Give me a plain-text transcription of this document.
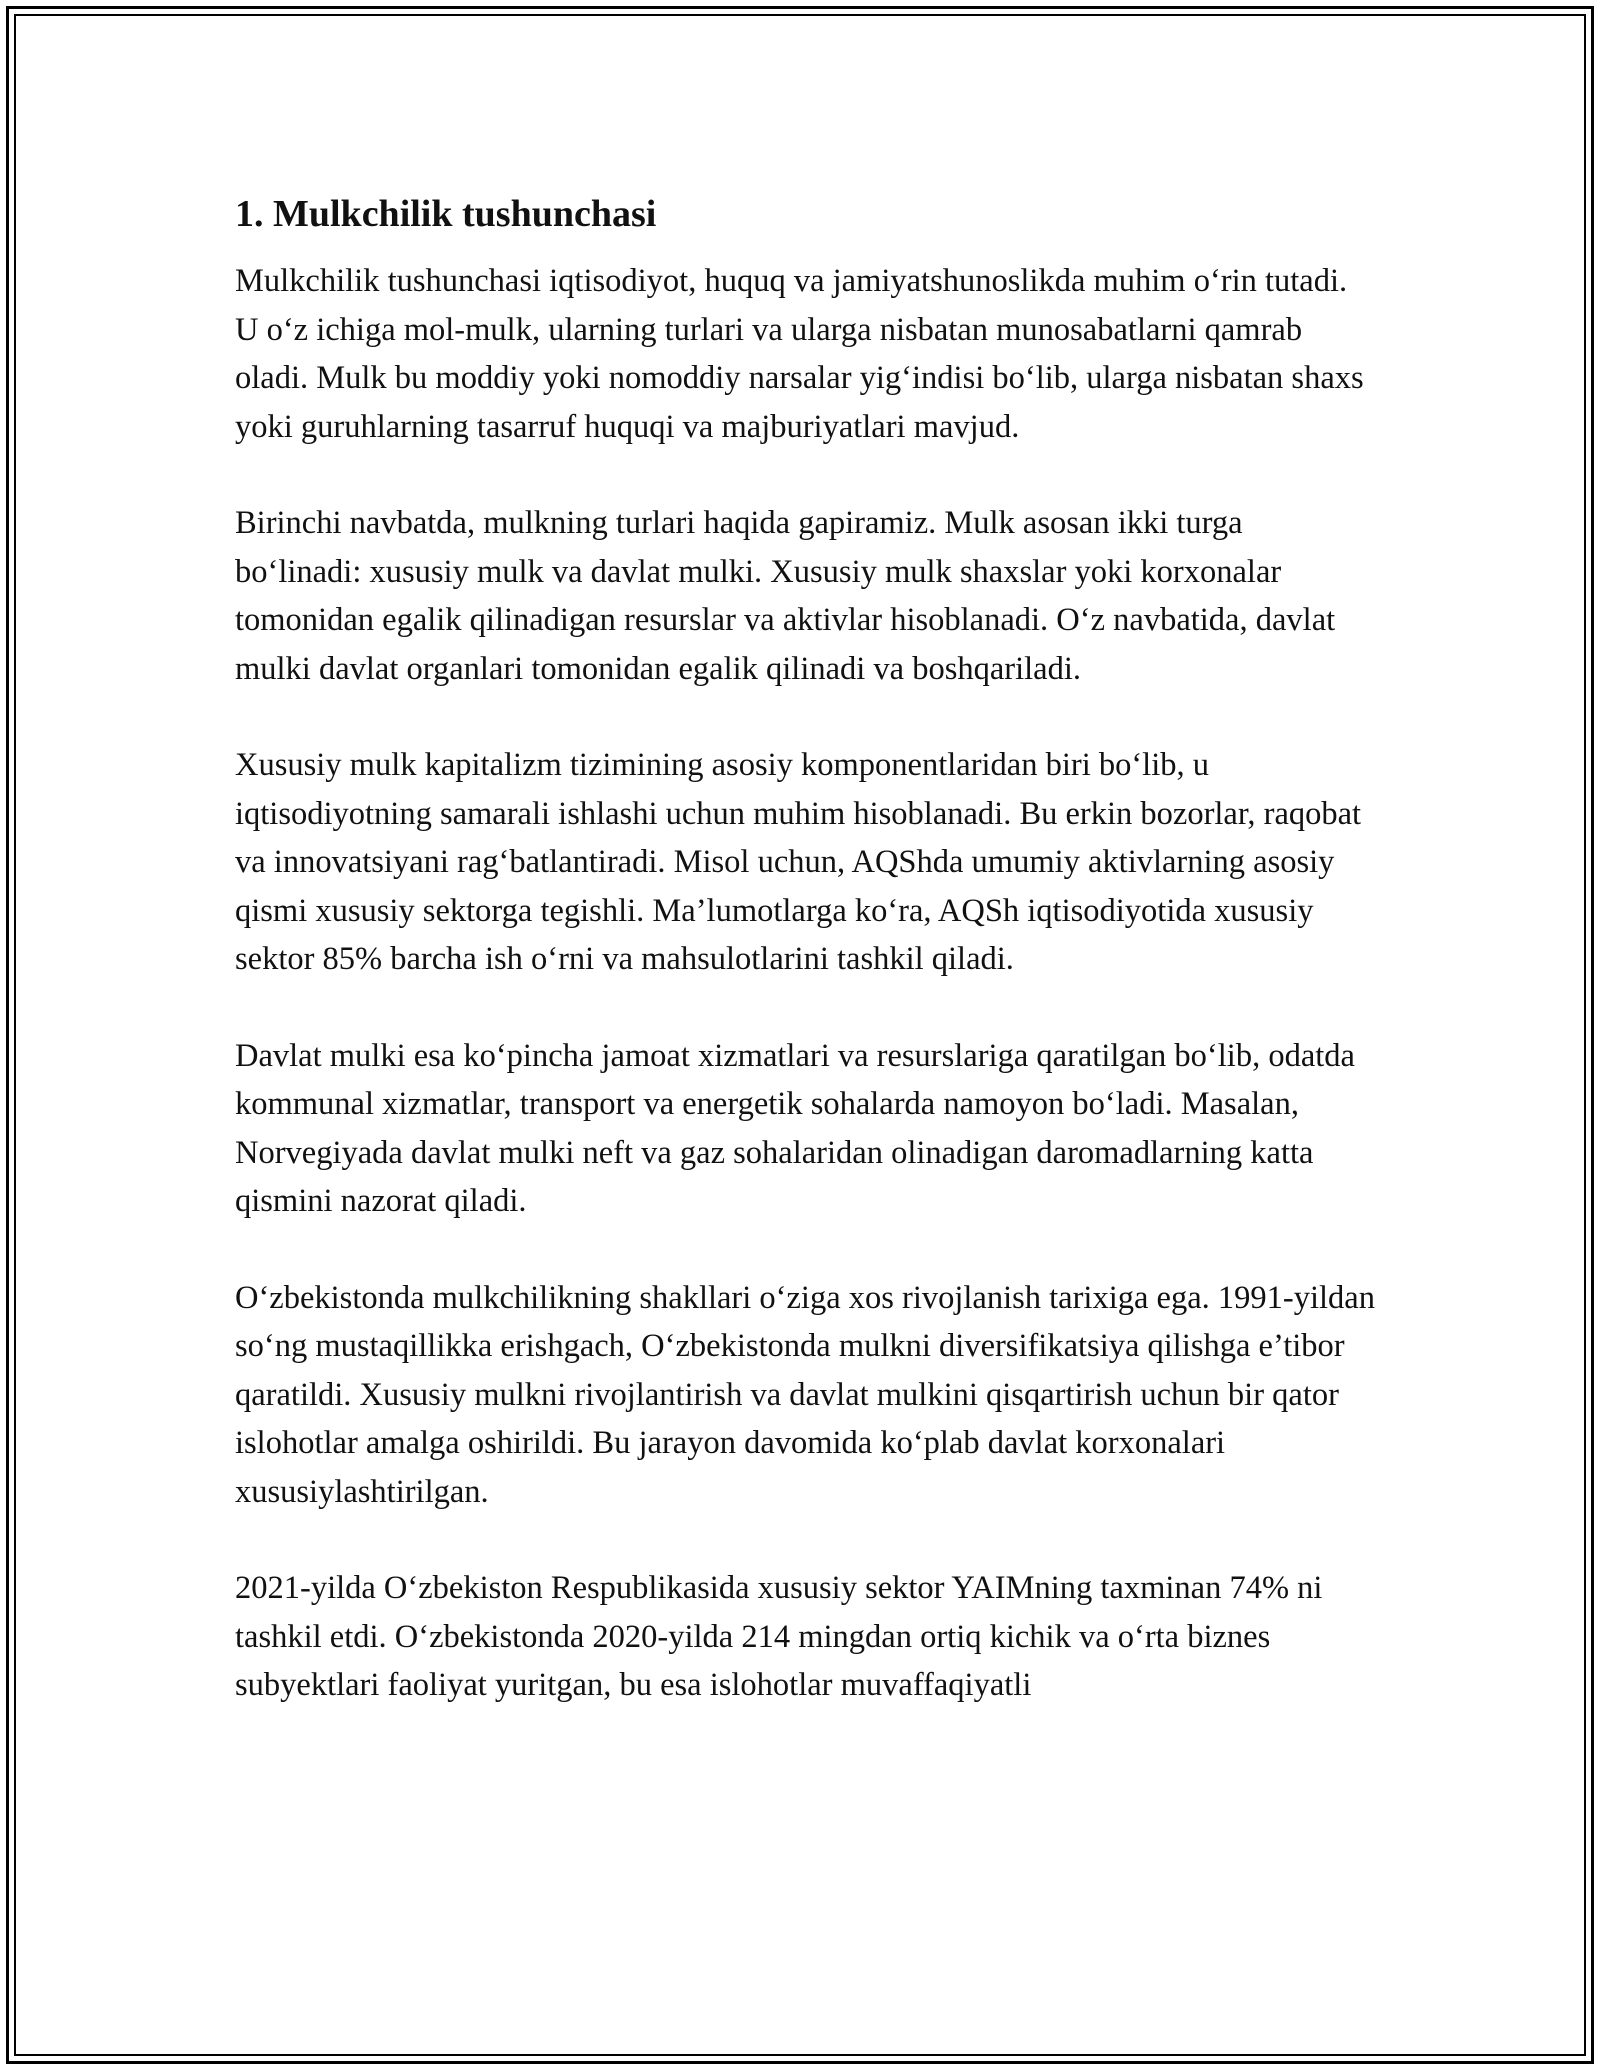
1. Mulkchilik tushunchasi

Mulkchilik tushunchasi iqtisodiyot, huquq va jamiyatshunoslikda muhim o‘rin tutadi. U o‘z ichiga mol-mulk, ularning turlari va ularga nisbatan munosabatlarni qamrab oladi. Mulk bu moddiy yoki nomoddiy narsalar yig‘indisi bo‘lib, ularga nisbatan shaxs yoki guruhlarning tasarruf huquqi va majburiyatlari mavjud.

Birinchi navbatda, mulkning turlari haqida gapiramiz. Mulk asosan ikki turga bo‘linadi: xususiy mulk va davlat mulki. Xususiy mulk shaxslar yoki korxonalar tomonidan egalik qilinadigan resurslar va aktivlar hisoblanadi. O‘z navbatida, davlat mulki davlat organlari tomonidan egalik qilinadi va boshqariladi.

Xususiy mulk kapitalizm tizimining asosiy komponentlaridan biri bo‘lib, u iqtisodiyotning samarali ishlashi uchun muhim hisoblanadi. Bu erkin bozorlar, raqobat va innovatsiyani rag‘batlantiradi. Misol uchun, AQShda umumiy aktivlarning asosiy qismi xususiy sektorga tegishli. Ma’lumotlarga ko‘ra, AQSh iqtisodiyotida xususiy sektor 85% barcha ish o‘rni va mahsulotlarini tashkil qiladi.

Davlat mulki esa ko‘pincha jamoat xizmatlari va resurslariga qaratilgan bo‘lib, odatda kommunal xizmatlar, transport va energetik sohalarda namoyon bo‘ladi. Masalan, Norvegiyada davlat mulki neft va gaz sohalaridan olinadigan daromadlarning katta qismini nazorat qiladi.

O‘zbekistonda mulkchilikning shakllari o‘ziga xos rivojlanish tarixiga ega. 1991-yildan so‘ng mustaqillikka erishgach, O‘zbekistonda mulkni diversifikatsiya qilishga e’tibor qaratildi. Xususiy mulkni rivojlantirish va davlat mulkini qisqartirish uchun bir qator islohotlar amalga oshirildi. Bu jarayon davomida ko‘plab davlat korxonalari xususiylashtirilgan.

2021-yilda O‘zbekiston Respublikasida xususiy sektor YAIMning taxminan 74% ni tashkil etdi. O‘zbekistonda 2020-yilda 214 mingdan ortiq kichik va o‘rta biznes subyektlari faoliyat yuritgan, bu esa islohotlar muvaffaqiyatli
